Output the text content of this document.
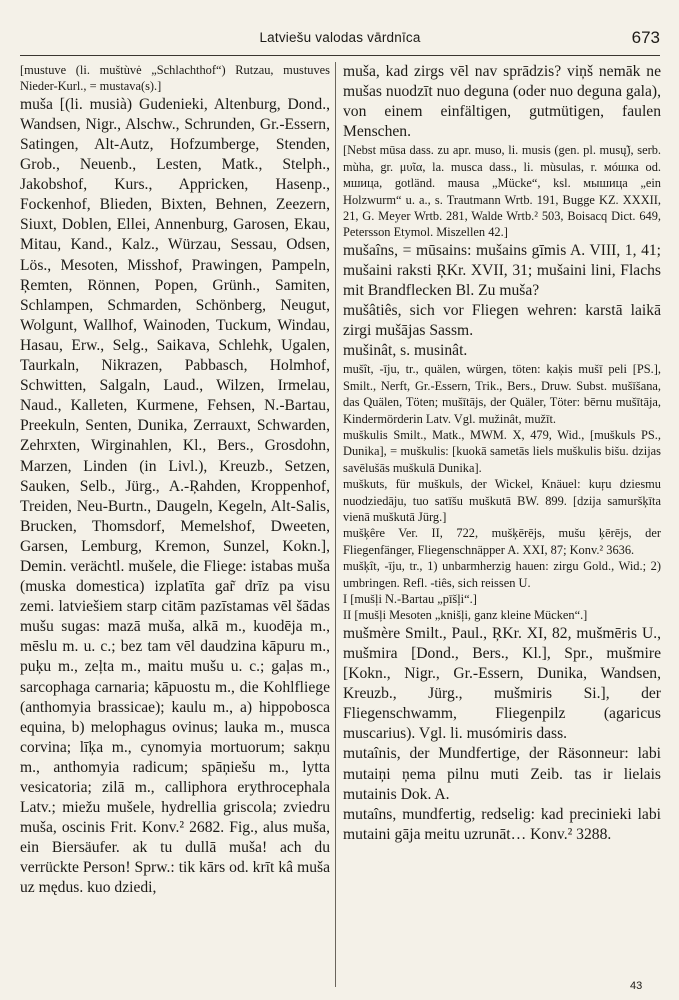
Latviešu valodas vārdnīca	673

[mustuve (li. muštùvė „Schlachthof“) Rutzau, mustuves Nieder-Kurl., = mustava(s).]

muša [(li. musià) Gudenieki, Altenburg, Dond., Wandsen, Nigr., Alschw., Schrunden, Gr.-Essern, Satingen, Alt-Autz, Hofzumberge, Stenden, Grob., Neuenb., Lesten, Matk., Stelph., Jakobshof, Kurs., Appricken, Hasenp., Fockenhof, Blieden, Bixten, Behnen, Zeezern, Siuxt, Doblen, Ellei, Annenburg, Garosen, Ekau, Mitau, Kand., Kalz., Würzau, Sessau, Odsen, Lös., Mesoten, Misshof, Prawingen, Pampeln, Ŗemten, Rönnen, Popen, Grünh., Samiten, Schlampen, Schmarden, Schönberg, Neugut, Wolgunt, Wallhof, Wainoden, Tuckum, Windau, Hasau, Erw., Selg., Saikava, Schlehk, Ugalen, Taurkaln, Nikrazen, Pabbasch, Holmhof, Schwitten, Salgaln, Laud., Wilzen, Irmelau, Naud., Kalleten, Kurmene, Fehsen, N.-Bartau, Preekuln, Senten, Dunika, Zerrauxt, Schwarden, Zehrxten, Wirginahlen, Kl., Bers., Grosdohn, Marzen, Linden (in Livl.), Kreuzb., Setzen, Sauken, Selb., Jürg., A.-Ŗahden, Kroppenhof, Treiden, Neu-Burtn., Daugeln, Kegeln, Alt-Salis, Brucken, Thomsdorf, Memelshof, Dweeten, Garsen, Lemburg, Kremon, Sunzel, Kokn.], Demin. verächtl. mušele, die Fliege: istabas muša (muska domestica) izplatīta gar̃ drīz pa visu zemi. latviešiem starp citām pazīstamas vēl šādas mušu sugas: mazā muša, alkā m., kuodēja m., mēslu m. u. c.; bez tam vēl daudzina kāpuru m., puķu m., zeļta m., maitu mušu u. c.; gaļas m., sarcophaga carnaria; kāpuostu m., die Kohlfliege (anthomyia brassicae); kaulu m., a) hippobosca equina, b) melophagus ovinus; lauka m., musca corvina; līķa m., cynomyia mortuorum; sakņu m., anthomyia radicum; spāņiešu m., lytta vesicatoria; zilā m., calliphora erythrocephala Latv.; miežu mušele, hydrellia griscola; zviedru muša, oscinis Frit. Konv.² 2682. Fig., alus muša, ein Biersäufer. ak tu dullā muša! ach du verrückte Person! Sprw.: tik kārs od. krīt kâ muša uz mędus. kuo dziedi,

muša, kad zirgs vēl nav sprādzis? viņš nemāk ne mušas nuodzīt nuo deguna (oder nuo deguna gala), von einem einfältigen, gutmütigen, faulen Menschen.

[Nebst mūsa dass. zu apr. muso, li. musis (gen. pl. musų̃), serb. mùha, gr. μυῖα, la. musca dass., li. mùsulas, r. мóшка od. мшица, gotländ. mausa „Mücke“, ksl. мышица „ein Holzwurm“ u. a., s. Trautmann Wrtb. 191, Bugge KZ. XXXII, 21, G. Meyer Wrtb. 281, Walde Wrtb.² 503, Boisacq Dict. 649, Petersson Etymol. Miszellen 42.]

mušaîns, = mūsains: mušains gīmis A. VIII, 1, 41; mušaini raksti ŖKr. XVII, 31; mušaini lini, Flachs mit Brandflecken Bl. Zu muša?

mušâtiês, sich vor Fliegen wehren: karstā laikā zirgi mušājas Sassm.

mušinât, s. musinât.

mušît, -īju, tr., quälen, würgen, töten: kaķis mušī peli [PS.], Smilt., Nerft, Gr.-Essern, Trik., Bers., Druw. Subst. mušīšana, das Quälen, Töten; mušītājs, der Quäler, Töter: bērnu mušītāja, Kindermörderin Latv. Vgl. mužinât, mužīt.

muškulis Smilt., Matk., MWM. X, 479, Wid., [muškuls PS., Dunika], = muškulis: [kuokā sametās liels muškulis bišu. dzijas savēlušās muškulā Dunika].

muškuts, für muškuls, der Wickel, Knäuel: kuŗu dziesmu nuodziedāju, tuo satīšu muškutā BW. 899. [dzija samuršķīta vienā muškutā Jürg.]

mušķêre Ver. II, 722, mušķērējs, mušu ķērējs, der Fliegenfänger, Fliegenschnäpper A. XXI, 87; Konv.² 3636.

mušķît, -īju, tr., 1) unbarmherzig hauen: zirgu Gold., Wid.; 2) umbringen. Refl. -tiês, sich reissen U.

I [mušļi N.-Bartau „pīšļi“.]

II [mušļi Mesoten „knišļi, ganz kleine Mücken“.]

mušmère Smilt., Paul., ŖKr. XI, 82, mušmēris U., mušmira [Dond., Bers., Kl.], Spr., mušmire [Kokn., Nigr., Gr.-Essern, Dunika, Wandsen, Kreuzb., Jürg., mušmiris Si.], der Fliegenschwamm, Fliegenpilz (agaricus muscarius). Vgl. li. musómiris dass.

mutaînis, der Mundfertige, der Räsonneur: labi mutaiņi ņema pilnu muti Zeib. tas ir lielais mutainis Dok. A.

mutaîns, mundfertig, redselig: kad precinieki labi mutaini gāja meitu uzrunāt… Konv.² 3288.

43
